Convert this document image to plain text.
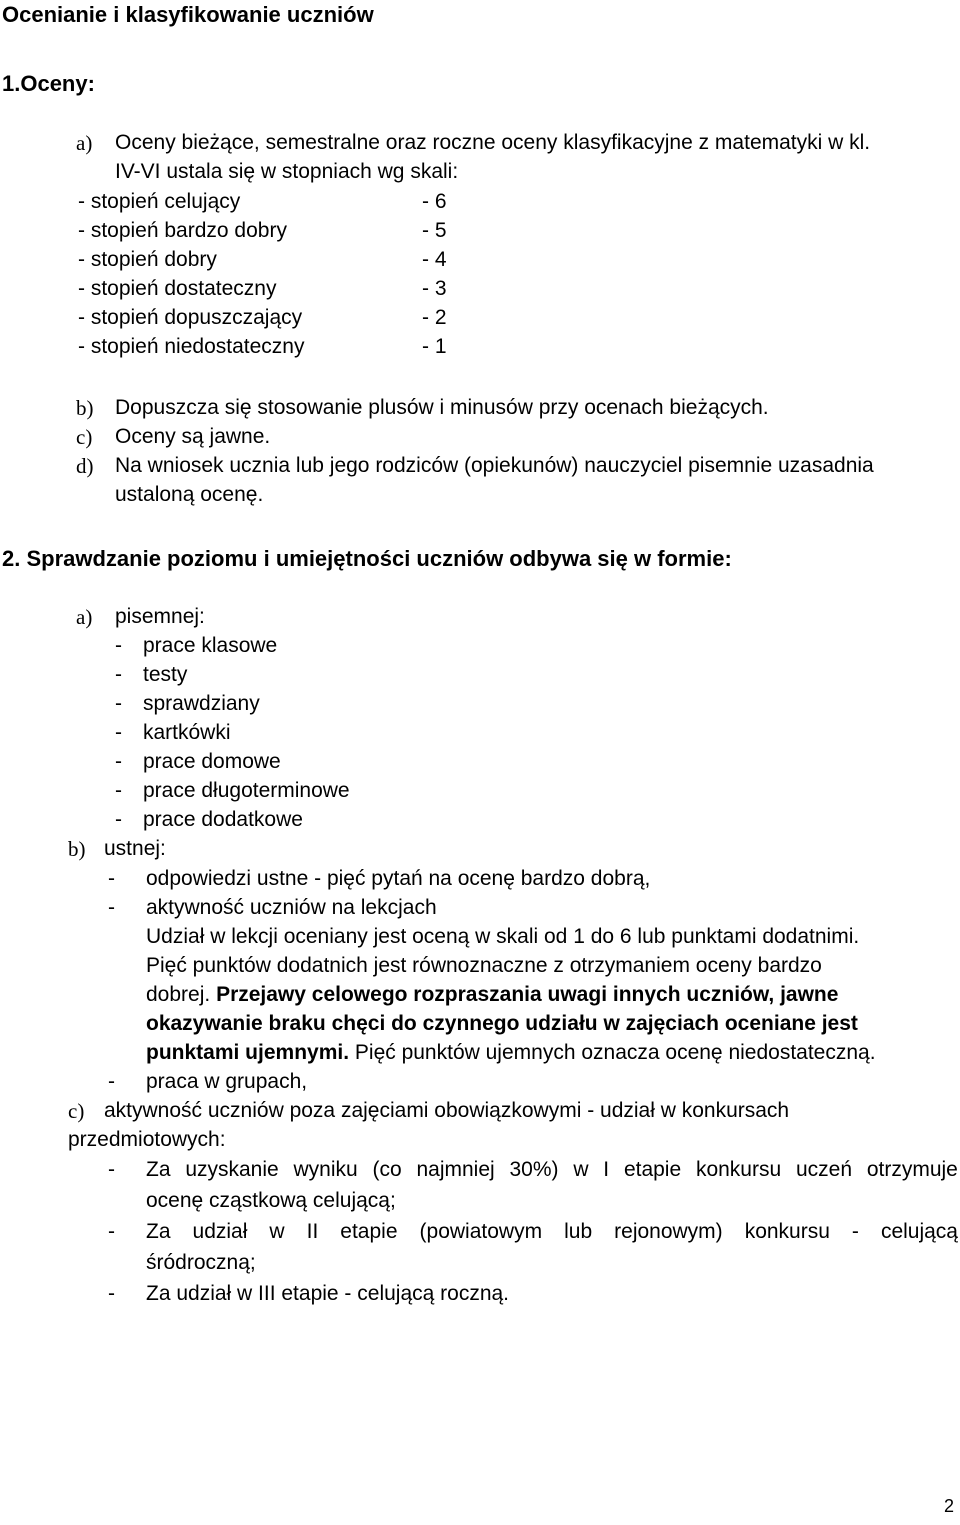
Ocenianie i klasyfikowanie uczniów
1.Oceny:
a) Oceny bieżące, semestralne oraz roczne oceny klasyfikacyjne z matematyki w kl.
IV-VI ustala się w stopniach wg skali:
- stopień celujący	- 6
- stopień bardzo dobry	- 5
- stopień dobry	- 4
- stopień dostateczny	- 3
- stopień dopuszczający	- 2
- stopień niedostateczny	- 1
b) Dopuszcza się stosowanie plusów i minusów przy ocenach bieżących.
c) Oceny są jawne.
d) Na wniosek ucznia lub jego rodziców (opiekunów) nauczyciel pisemnie uzasadnia
ustaloną ocenę.
2. Sprawdzanie poziomu i umiejętności uczniów odbywa się w formie:
a) pisemnej:
- prace klasowe
- testy
- sprawdziany
- kartkówki
- prace domowe
- prace długoterminowe
- prace dodatkowe
b) ustnej:
- odpowiedzi ustne - pięć pytań na ocenę bardzo dobrą,
- aktywność uczniów na lekcjach
Udział w lekcji oceniany jest oceną w skali od 1 do 6 lub punktami dodatnimi.
Pięć punktów dodatnich jest równoznaczne z otrzymaniem oceny bardzo
dobrej. Przejawy celowego rozpraszania uwagi innych uczniów, jawne
okazywanie braku chęci do czynnego udziału w zajęciach oceniane jest
punktami ujemnymi. Pięć punktów ujemnych oznacza ocenę niedostateczną.
- praca w grupach,
c) aktywność uczniów poza zajęciami obowiązkowymi - udział w konkursach
przedmiotowych:
- Za uzyskanie wyniku (co najmniej 30%) w I etapie konkursu uczeń otrzymuje
ocenę cząstkową celującą;
- Za udział w II etapie (powiatowym lub rejonowym) konkursu - celującą
śródroczną;
- Za udział w III etapie - celującą roczną.
2
